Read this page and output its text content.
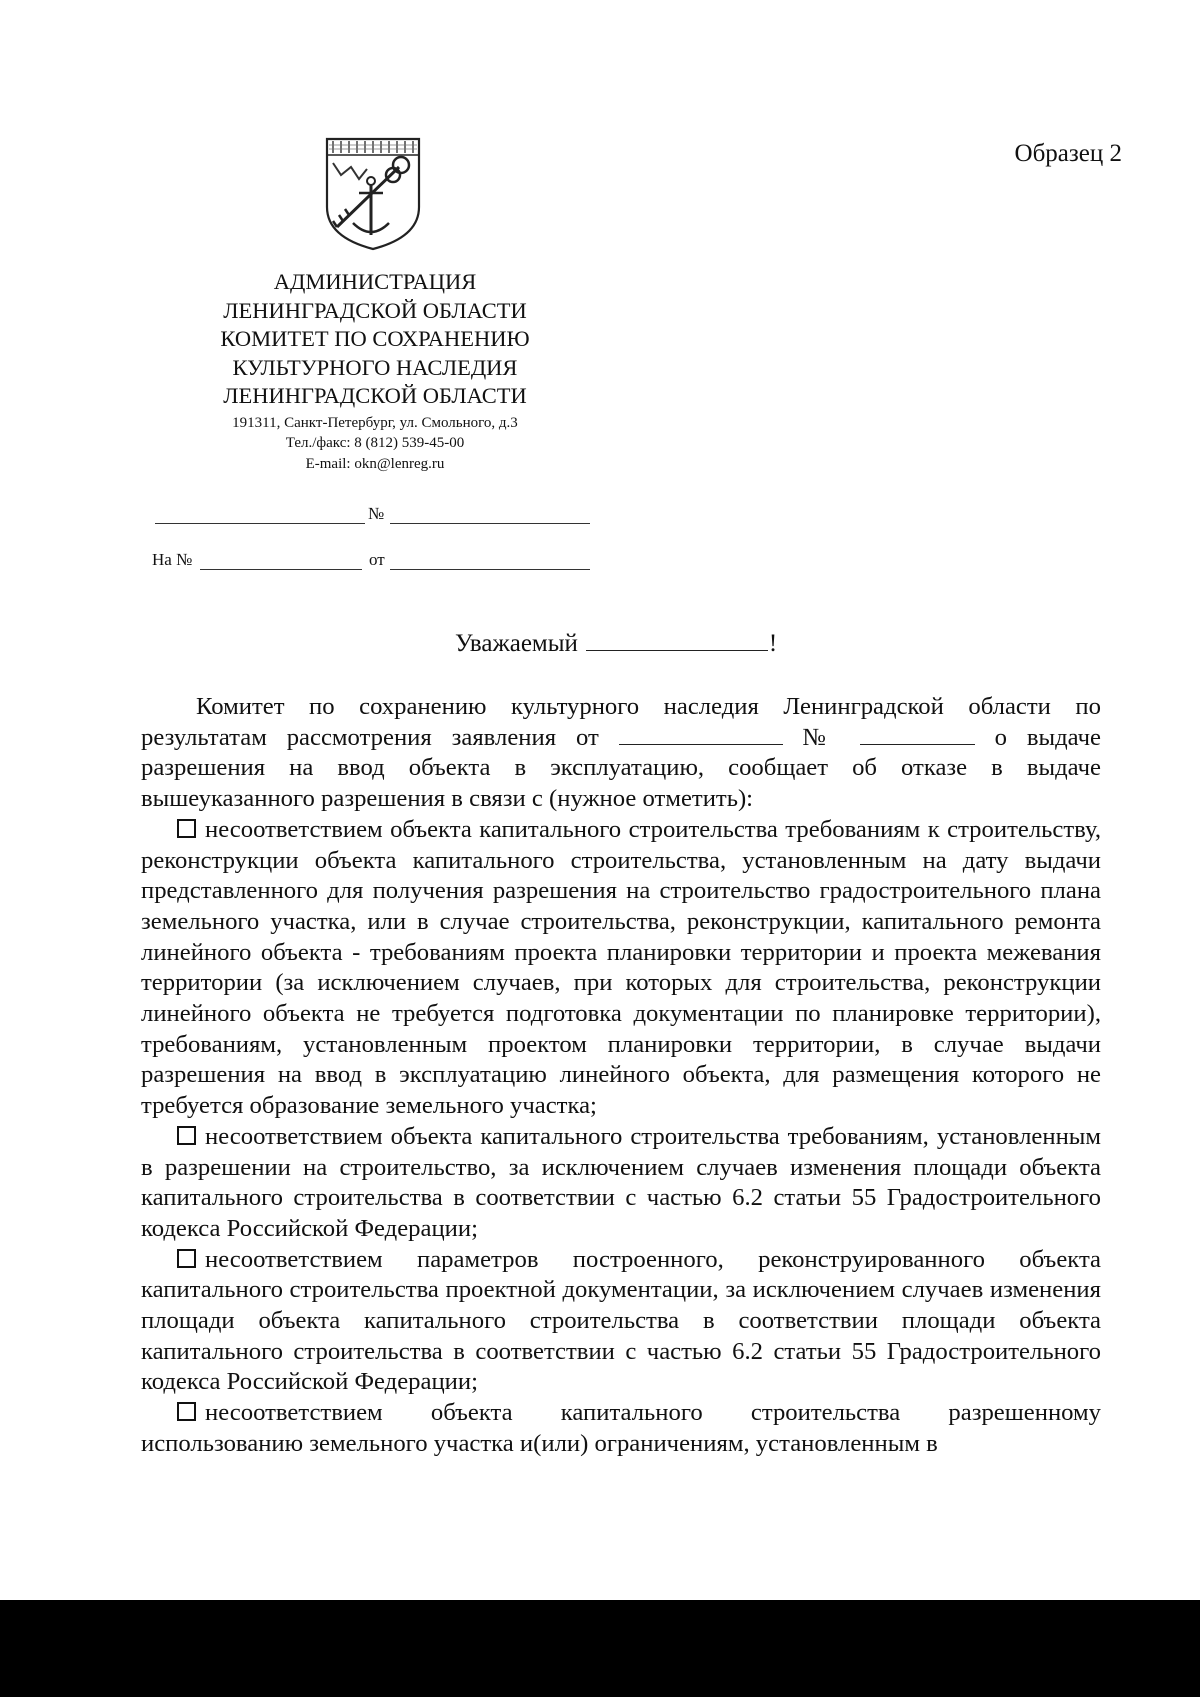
Образец 2
АДМИНИСТРАЦИЯ
ЛЕНИНГРАДСКОЙ ОБЛАСТИ
КОМИТЕТ ПО СОХРАНЕНИЮ
КУЛЬТУРНОГО НАСЛЕДИЯ
ЛЕНИНГРАДСКОЙ ОБЛАСТИ
191311, Санкт-Петербург, ул. Смольного, д.3
Тел./факс: 8 (812) 539-45-00
E-mail: okn@lenreg.ru
№
На №	от
Уважаемый	!

Комитет по сохранению культурного наследия Ленинградской области по результатам рассмотрения заявления от	№	о выдаче разрешения на ввод объекта в эксплуатацию, сообщает об отказе в выдаче вышеуказанного разрешения в связи с (нужное отметить):

несоответствием объекта капитального строительства требованиям к строительству, реконструкции объекта капитального строительства, установленным на дату выдачи представленного для получения разрешения на строительство градостроительного плана земельного участка, или в случае строительства, реконструкции, капитального ремонта линейного объекта - требованиям проекта планировки территории и проекта межевания территории (за исключением случаев, при которых для строительства, реконструкции линейного объекта не требуется подготовка документации по планировке территории), требованиям, установленным проектом планировки территории, в случае выдачи разрешения на ввод в эксплуатацию линейного объекта, для размещения которого не требуется образование земельного участка;

несоответствием объекта капитального строительства требованиям, установленным в разрешении на строительство, за исключением случаев изменения площади объекта капитального строительства в соответствии с частью 6.2 статьи 55 Градостроительного кодекса Российской Федерации;

несоответствием параметров построенного, реконструированного объекта капитального строительства проектной документации, за исключением случаев изменения площади объекта капитального строительства в соответствии площади объекта капитального строительства в соответствии с частью 6.2 статьи 55 Градостроительного кодекса Российской Федерации;

несоответствием объекта капитального строительства разрешенному использованию земельного участка и(или) ограничениям, установленным в
